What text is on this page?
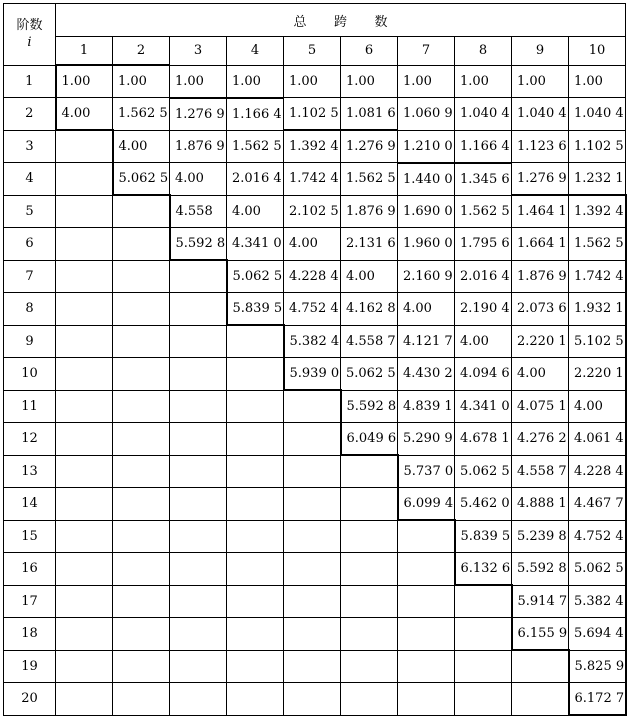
阶数
i	总 跨 数									
	1	2	3	4	5	6	7	8	9	10
1	1.00	1.00	1.00	1.00	1.00	1.00	1.00	1.00	1.00	1.00
2	4.00	1.562 5	1.276 9	1.166 4	1.102 5	1.081 6	1.060 9	1.040 4	1.040 4	1.040 4
3		4.00	1.876 9	1.562 5	1.392 4	1.276 9	1.210 0	1.166 4	1.123 6	1.102 5
4		5.062 5	4.00	2.016 4	1.742 4	1.562 5	1.440 0	1.345 6	1.276 9	1.232 1
5			4.558	4.00	2.102 5	1.876 9	1.690 0	1.562 5	1.464 1	1.392 4
6			5.592 8	4.341 0	4.00	2.131 6	1.960 0	1.795 6	1.664 1	1.562 5
7				5.062 5	4.228 4	4.00	2.160 9	2.016 4	1.876 9	1.742 4
8				5.839 5	4.752 4	4.162 8	4.00	2.190 4	2.073 6	1.932 1
9					5.382 4	4.558 7	4.121 7	4.00	2.220 1	5.102 5
10					5.939 0	5.062 5	4.430 2	4.094 6	4.00	2.220 1
11						5.592 8	4.839 1	4.341 0	4.075 1	4.00
12						6.049 6	5.290 9	4.678 1	4.276 2	4.061 4
13							5.737 0	5.062 5	4.558 7	4.228 4
14							6.099 4	5.462 0	4.888 1	4.467 7
15								5.839 5	5.239 8	4.752 4
16								6.132 6	5.592 8	5.062 5
17									5.914 7	5.382 4
18									6.155 9	5.694 4
19										5.825 9
20										6.172 7
